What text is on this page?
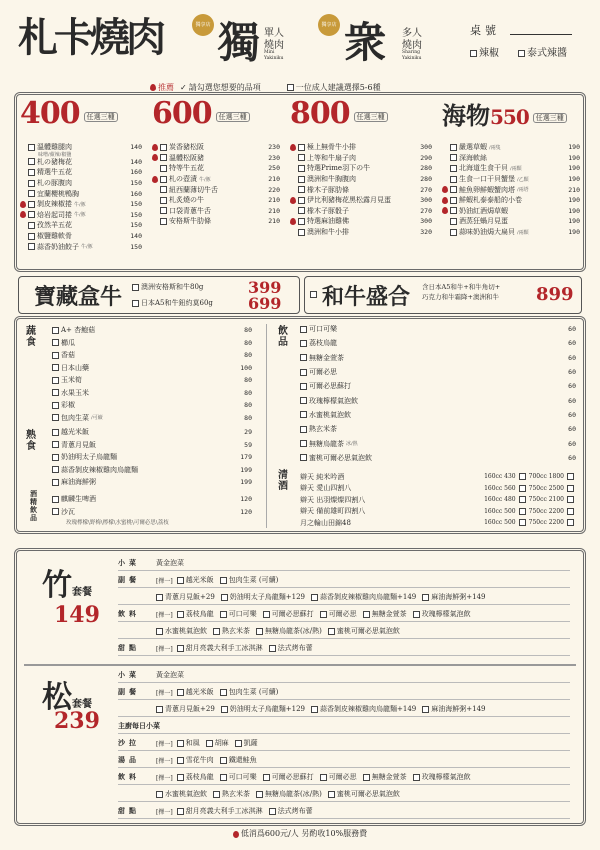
札卡燒肉	獨享店 獨 單人
燒肉
Mini
Yakiniku
獨享店 衆 多人
燒肉
Sharing
Yakiniku
桌號
辣椒	泰式辣醬
推薦 ✓ 請勾選您想要的品項	一位成人建議選擇5-6種
400 任選三種
溫體雞腿肉	140
味噌/蘋辣/椒鹽
札の豬梅花	140
精選牛五花	160
札の豚腹肉	150
宜蘭櫻桃鴨胸	160
剝皮辣椒捲 牛/豚	150
焙岩起司捲 牛/豚	150
孜然羊五花	150
椒鹽雞軟骨	140
蒜香奶油餃子 牛/豚	150
600 任選三種
炭香豬松阪	230
溫體松阪豬	230
特等牛五花	250
札の壺漬 牛/豚	210
紐西蘭薄切牛舌	220
札炙燒の牛	210
口袋青蔥牛舌	210
安格斯牛肋條	210
800 任選三種
極上無骨牛小排	300
上等和牛扇子肉	290
特選Prime羽下の牛	280
澳洲和牛胸腹肉	280
橡木子豚肋條	270
伊比利豬梅花黑松露月見蛋	300
橡木子豚骰子	270
特選麻油雞佛	300
澳洲和牛小排	320
海物550 任選三種
嚴選草蝦 /兩隻	190
深海軟絲	190
北海道生食干貝 /兩顆	190
生食一口干貝蟹堡 /乙顆	190
鮭魚卵鮮蝦蟹肉塔 /兩塔	210
鮮蝦札泰泰船的小卷	190
奶油紅酒焗草蝦	190
酒蒸狂蝸月見蛋	190
蒜味奶油焗大扁貝 /兩顆	190
寶藏盒牛	澳洲安格斯和牛80g	399
日本A5和牛鈕約莫60g 699 和牛盛合 含日本A5和牛+和牛角切+
巧克力和牛霜降+澳洲和牛 899
蔬食
熟食
酒精飲品
飲品
清酒
A+ 杏鮑菇	80
櫛瓜	80
香菇	80
日本山藥	100
玉米筍	80
水果玉米	80
彩椒	80
包肉生菜 /可續	80
越光米飯	29
青蔥月見飯	59
奶油明太子烏龍麵	179
蒜香剝皮辣椒雞肉烏龍麵	199
麻油海鮮粥	199
麒麟生啤酒	120
沙瓦	120
玫瑰檸檬\野梅\檸檬\水蜜桃\可爾必思\荔枝
可口可樂	60
荔枝烏龍	60
無糖金萱茶	60
可爾必思	60
可爾必思蘇打	60
玫瑰檸檬氣泡飲	60
水蜜桃氣泡飲	60
熱玄米茶	60
無糖烏龍茶 冰/熱	60
蜜桃可爾必思氣泡飲	60
辯天 純米吟酒	160cc 430 700cc 1800
辯天 愛山四割八	160cc 560 750cc 2500
辯天 出羽燦燦四割八	160cc 480 750cc 2100
辯天 備前雄町四割八	160cc 500 750cc 2200
月之輪山田錦48	160cc 500 750cc 2200
竹套餐
149
小菜	黃金泡菜
副餐	[擇一] 越光米飯 包肉生菜 (可續)
青蔥月見飯+29 奶油明太子烏龍麵+129 蒜香剝皮辣椒雞肉烏龍麵+149 麻油海鮮粥+149
飲料	[擇一] 荔枝烏龍 可口可樂 可爾必思蘇打 可爾必思 無糖金萱茶 玫瑰檸檬氣泡飲
水蜜桃氣泡飲 熱玄米茶 無糖烏龍茶(冰/熱) 蜜桃可爾必思氣泡飲
甜點	[擇一] 甜月亮義大利手工冰淇淋 法式烤布蕾
松套餐
239
小菜	黃金泡菜
副餐	[擇一] 越光米飯 包肉生菜 (可續)
青蔥月見飯+29 奶油明太子烏龍麵+129 蒜香剝皮辣椒雞肉烏龍麵+149 麻油海鮮粥+149
主廚每日小菜
沙拉	[擇一] 和風 胡麻 凱薩
湯品	[擇一] 雪花牛肉 鐵還鮭魚
飲料	[擇一] 荔枝烏龍 可口可樂 可爾必思蘇打 可爾必思 無糖金萱茶 玫瑰檸檬氣泡飲
水蜜桃氣泡飲 熱玄米茶 無糖烏龍茶(冰/熱) 蜜桃可爾必思氣泡飲
甜點	[擇一] 甜月亮義大利手工冰淇淋 法式烤布蕾
低消爲600元/人 另酌收10%服務費
